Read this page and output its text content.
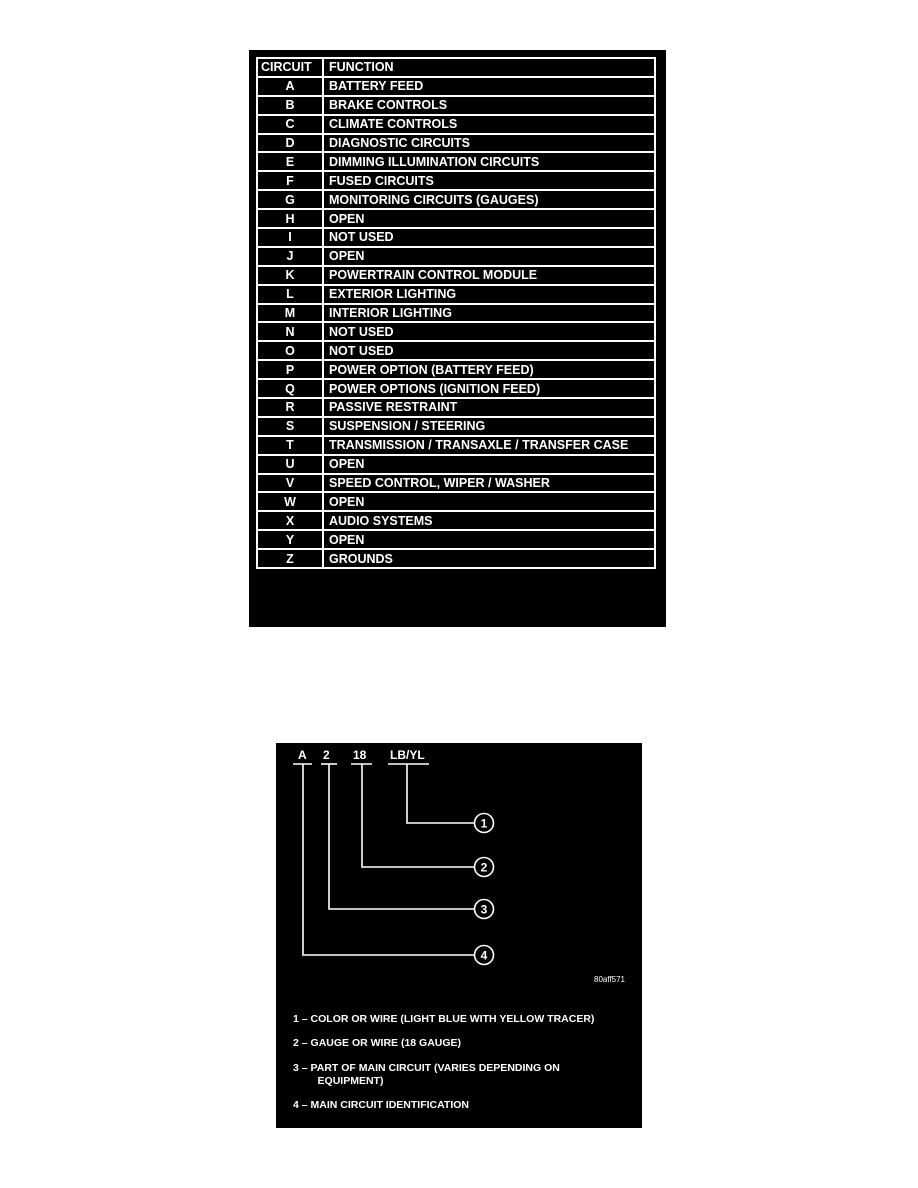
CIRCUIT	FUNCTION
A	BATTERY FEED
B	BRAKE CONTROLS
C	CLIMATE CONTROLS
D	DIAGNOSTIC CIRCUITS
E	DIMMING ILLUMINATION CIRCUITS
F	FUSED CIRCUITS
G	MONITORING CIRCUITS (GAUGES)
H	OPEN
I	NOT USED
J	OPEN
K	POWERTRAIN CONTROL MODULE
L	EXTERIOR LIGHTING
M	INTERIOR LIGHTING
N	NOT USED
O	NOT USED
P	POWER OPTION (BATTERY FEED)
Q	POWER OPTIONS (IGNITION FEED)
R	PASSIVE RESTRAINT
S	SUSPENSION / STEERING
T	TRANSMISSION / TRANSAXLE / TRANSFER CASE
U	OPEN
V	SPEED CONTROL, WIPER / WASHER
W	OPEN
X	AUDIO SYSTEMS
Y	OPEN
Z	GROUNDS
A 2 18 LB/YL
1
2
3
4
80aff571
1 – COLOR OR WIRE (LIGHT BLUE WITH YELLOW TRACER)
2 – GAUGE OR WIRE (18 GAUGE)
3 – PART OF MAIN CIRCUIT (VARIES DEPENDING ON
EQUIPMENT)
4 – MAIN CIRCUIT IDENTIFICATION
